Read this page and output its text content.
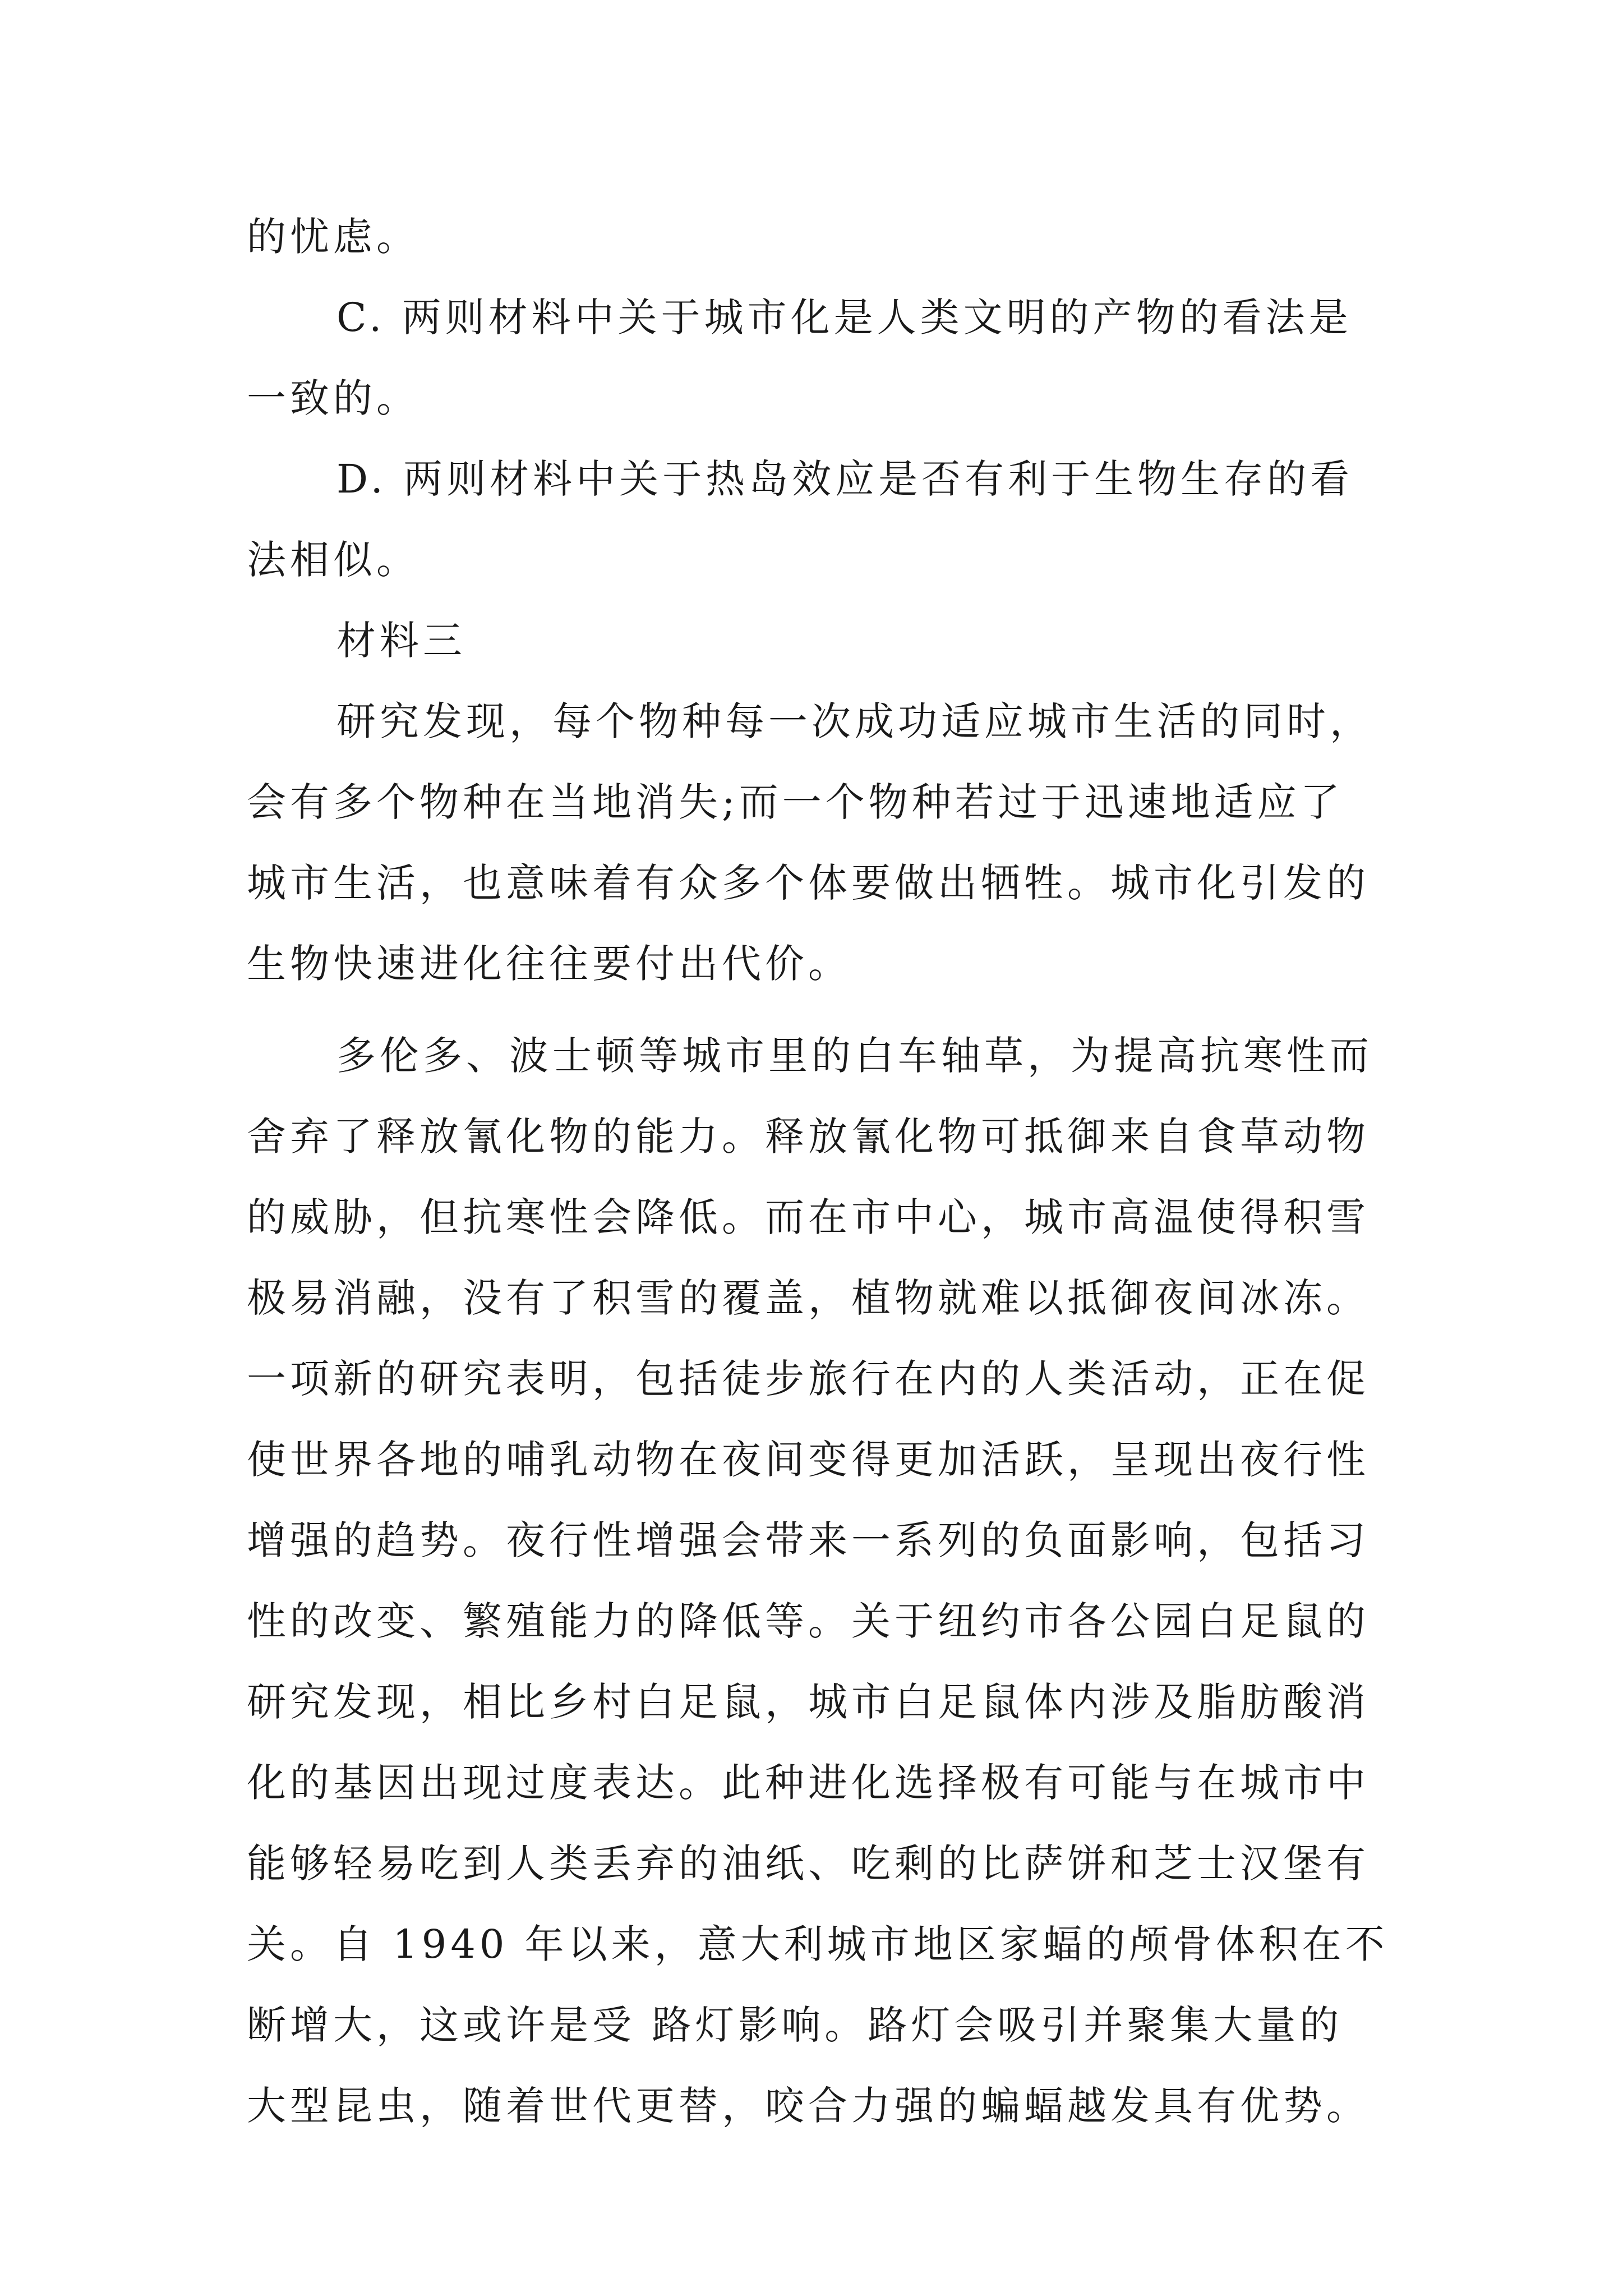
的忧虑。
C. 两则材料中关于城市化是人类文明的产物的看法是
一致的。
D. 两则材料中关于热岛效应是否有利于生物生存的看
法相似。
材料三
研究发现，每个物种每一次成功适应城市生活的同时，
会有多个物种在当地消失;而一个物种若过于迅速地适应了
城市生活，也意味着有众多个体要做出牺牲。城市化引发的
生物快速进化往往要付出代价。
多伦多、波士顿等城市里的白车轴草，为提高抗寒性而
舍弃了释放氰化物的能力。释放氰化物可抵御来自食草动物
的威胁，但抗寒性会降低。而在市中心，城市高温使得积雪
极易消融，没有了积雪的覆盖，植物就难以抵御夜间冰冻。
一项新的研究表明，包括徒步旅行在内的人类活动，正在促
使世界各地的哺乳动物在夜间变得更加活跃，呈现出夜行性
增强的趋势。夜行性增强会带来一系列的负面影响，包括习
性的改变、繁殖能力的降低等。关于纽约市各公园白足鼠的
研究发现，相比乡村白足鼠，城市白足鼠体内涉及脂肪酸消
化的基因出现过度表达。此种进化选择极有可能与在城市中
能够轻易吃到人类丢弃的油纸、吃剩的比萨饼和芝士汉堡有
关。自 1940 年以来，意大利城市地区家蝠的颅骨体积在不
断增大，这或许是受 路灯影响。路灯会吸引并聚集大量的
大型昆虫，随着世代更替，咬合力强的蝙蝠越发具有优势。
